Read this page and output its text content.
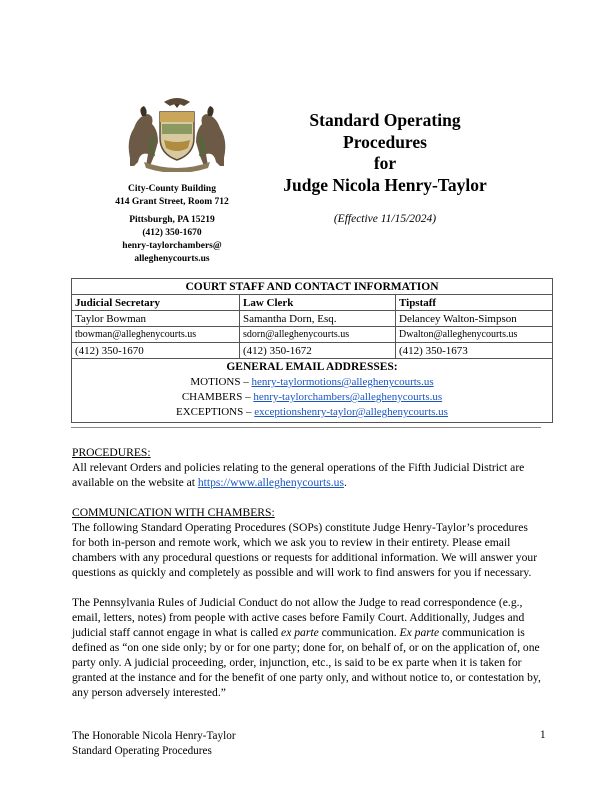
City-County Building
414 Grant Street, Room 712
Pittsburgh, PA 15219
(412) 350-1670
henry-taylorchambers@
alleghenycourts.us
Standard Operating
Procedures
for
Judge Nicola Henry-Taylor
(Effective 11/15/2024)
COURT STAFF AND CONTACT INFORMATION		
Judicial Secretary	Law Clerk	Tipstaff
Taylor Bowman	Samantha Dorn, Esq.	Delancey Walton-Simpson
tbowman@alleghenycourts.us	sdorn@alleghenycourts.us	Dwalton@alleghenycourts.us
(412) 350-1670	(412) 350-1672	(412) 350-1673

GENERAL EMAIL ADDRESSES:
MOTIONS – henry-taylormotions@alleghenycourts.us
CHAMBERS – henry-taylorchambers@alleghenycourts.us
EXCEPTIONS – exceptionshenry-taylor@alleghenycourts.us		

PROCEDURES:

All relevant Orders and policies relating to the general operations of the Fifth Judicial District are available on the website at https://www.alleghenycourts.us.

COMMUNICATION WITH CHAMBERS:

The following Standard Operating Procedures (SOPs) constitute Judge Henry-Taylor’s procedures for both in-person and remote work, which we ask you to review in their entirety. Please email chambers with any procedural questions or requests for additional information. We will answer your questions as quickly and completely as possible and will work to find answers for you if necessary.

The Pennsylvania Rules of Judicial Conduct do not allow the Judge to read correspondence (e.g., email, letters, notes) from people with active cases before Family Court. Additionally, Judges and judicial staff cannot engage in what is called ex parte communication. Ex parte communication is defined as “on one side only; by or for one party; done for, on behalf of, or on the application of, one party only. A judicial proceeding, order, injunction, etc., is said to be ex parte when it is taken for granted at the instance and for the benefit of one party only, and without notice to, or contestation by, any person adversely interested.”

The Honorable Nicola Henry-Taylor
Standard Operating Procedures
1
